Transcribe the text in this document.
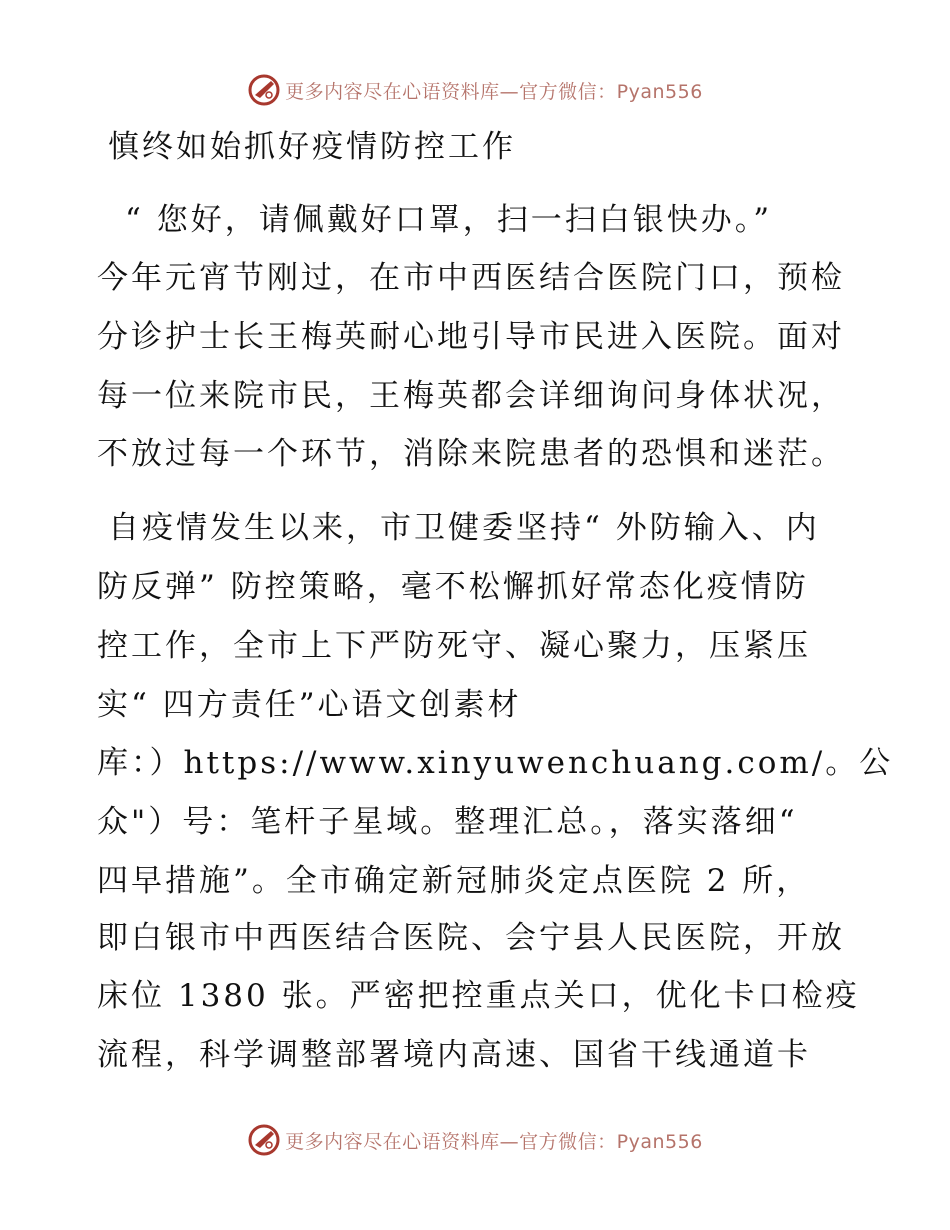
更多内容尽在心语资料库—官方微信：Pyan556

慎终如始抓好疫情防控工作

“ 您好，请佩戴好口罩，扫一扫白银快办。”

今年元宵节刚过，在市中西医结合医院门口，预检

分诊护士长王梅英耐心地引导市民进入医院。面对

每一位来院市民，王梅英都会详细询问身体状况，

不放过每一个环节，消除来院患者的恐惧和迷茫。

自疫情发生以来，市卫健委坚持“ 外防输入、内

防反弹” 防控策略，毫不松懈抓好常态化疫情防

控工作，全市上下严防死守、凝心聚力，压紧压

实“ 四方责任”心语文创素材

库：）https://www.xinyuwenchuang.com/。公

众"）号：笔杆子星域。整理汇总。，落实落细“

四早措施”。全市确定新冠肺炎定点医院 2 所，

即白银市中西医结合医院、会宁县人民医院，开放

床位 1380 张。严密把控重点关口，优化卡口检疫

流程，科学调整部署境内高速、国省干线通道卡

更多内容尽在心语资料库—官方微信：Pyan556
